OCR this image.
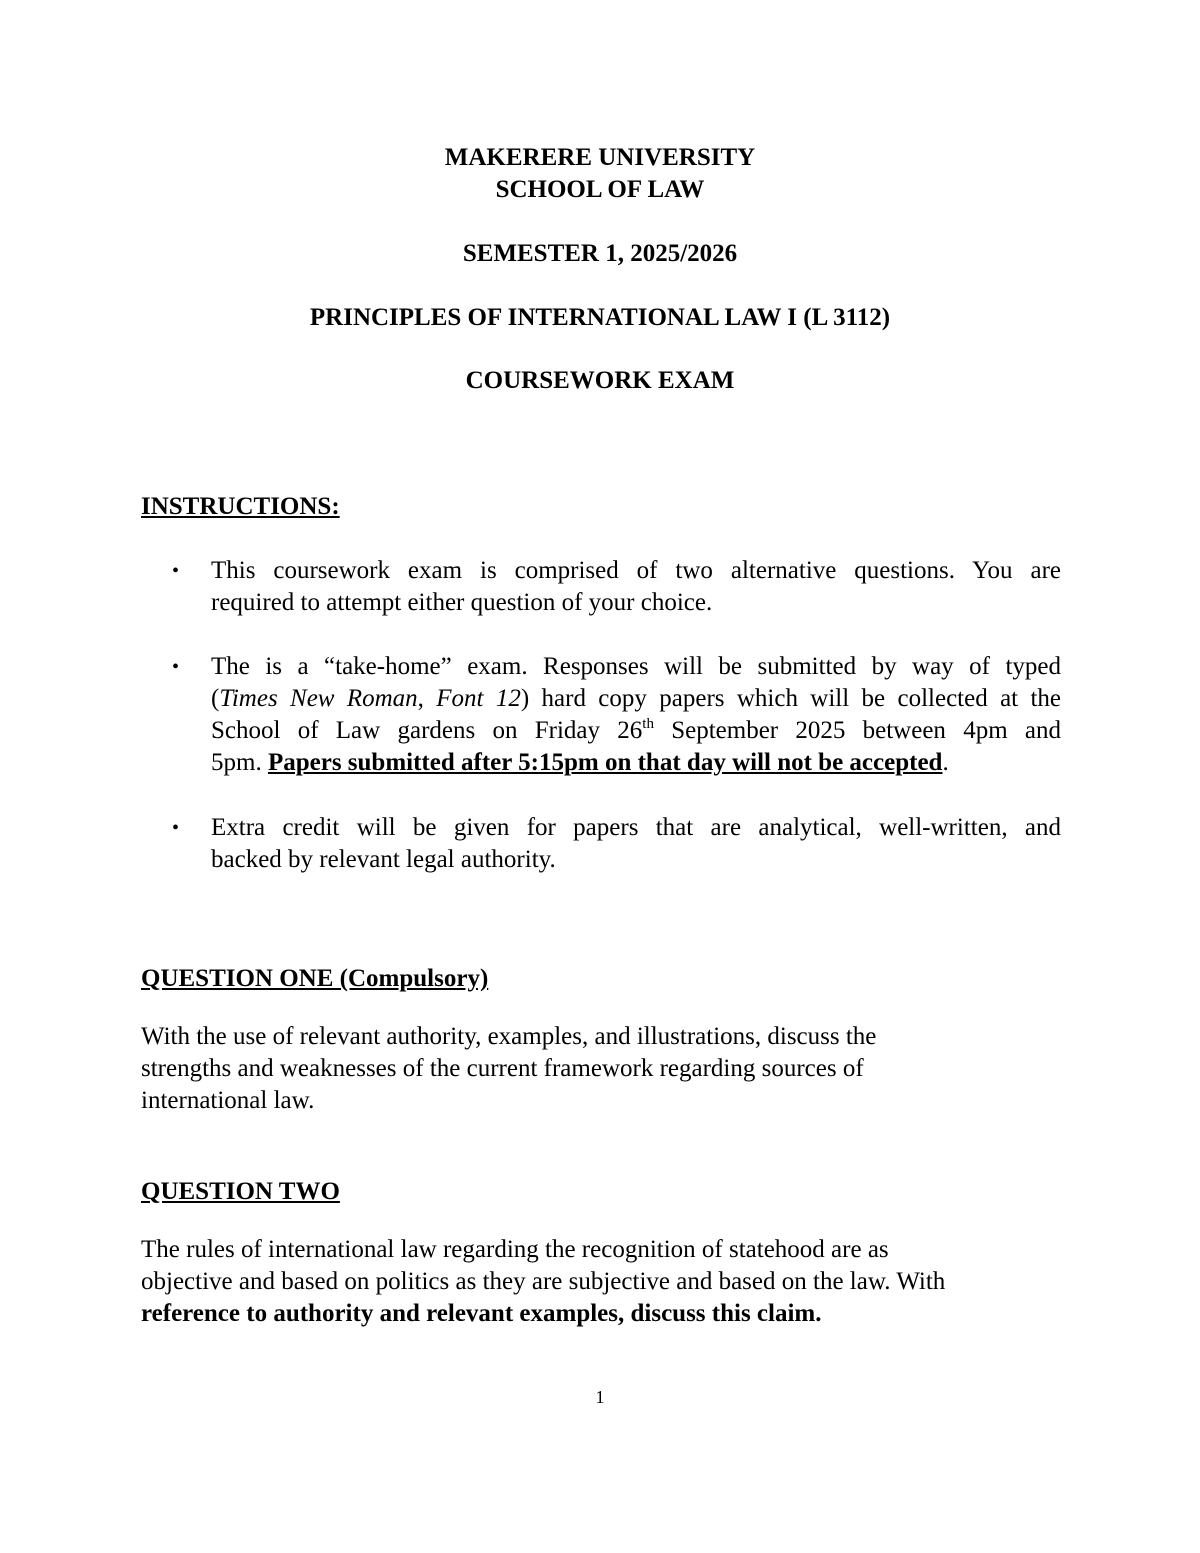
MAKERERE UNIVERSITY
SCHOOL OF LAW
SEMESTER 1, 2025/2026
PRINCIPLES OF INTERNATIONAL LAW I (L 3112)
COURSEWORK EXAM
INSTRUCTIONS:
• This coursework exam is comprised of two alternative questions. You are
required to attempt either question of your choice.
• The is a “take-home” exam. Responses will be submitted by way of typed
(Times New Roman, Font 12) hard copy papers which will be collected at the
School of Law gardens on Friday 26th September 2025 between 4pm and
5pm. Papers submitted after 5:15pm on that day will not be accepted.
• Extra credit will be given for papers that are analytical, well-written, and
backed by relevant legal authority.
QUESTION ONE (Compulsory)
With the use of relevant authority, examples, and illustrations, discuss the
strengths and weaknesses of the current framework regarding sources of
international law.
QUESTION TWO
The rules of international law regarding the recognition of statehood are as
objective and based on politics as they are subjective and based on the law. With
reference to authority and relevant examples, discuss this claim.
1
